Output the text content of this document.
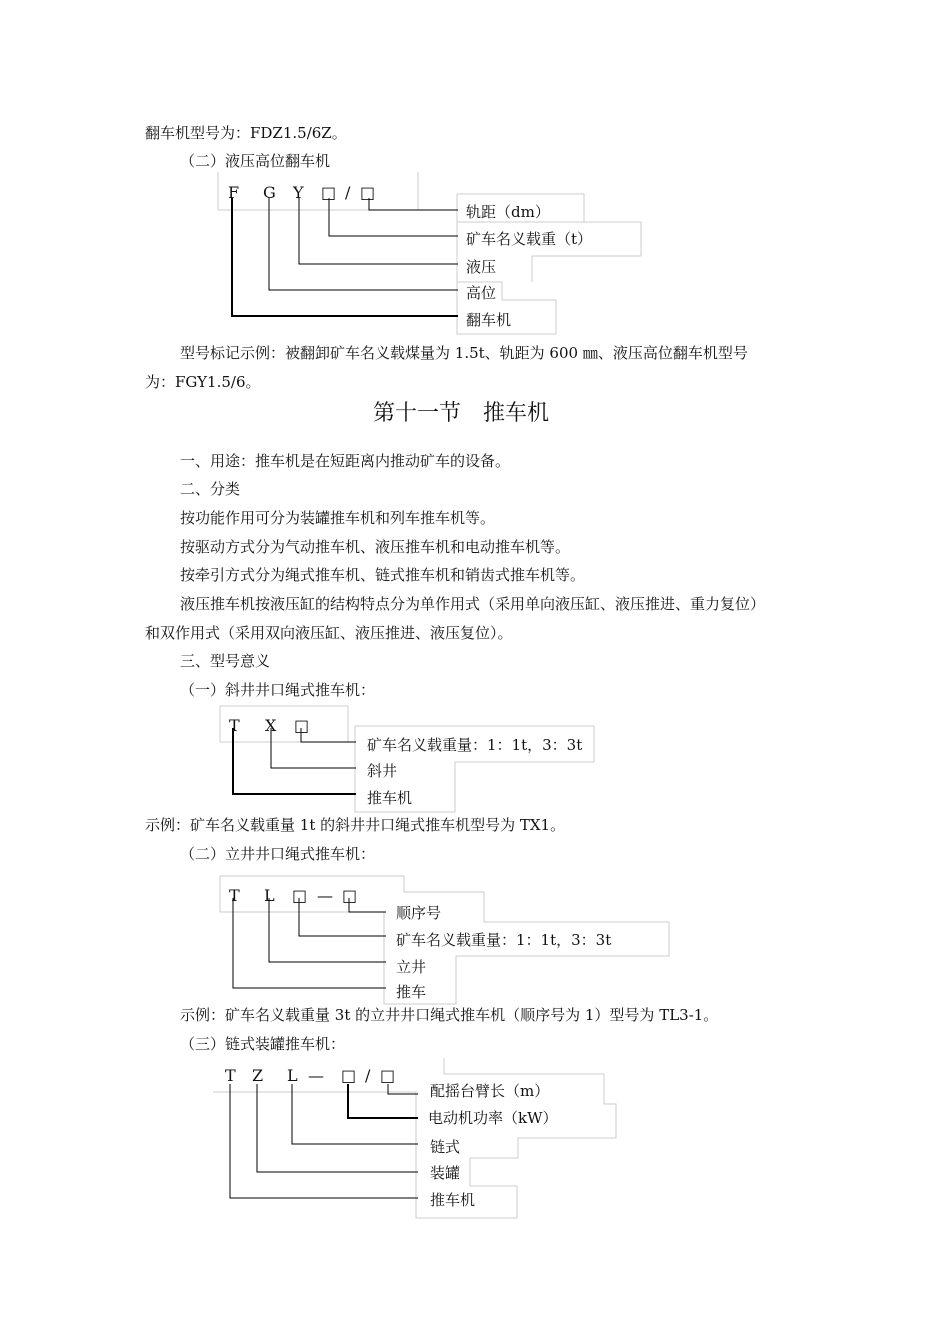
翻车机型号为：FDZ1.5/6Z。
（二）液压高位翻车机
F G Y □ / □
轨距（dm）
矿车名义载重（t）
液压
高位
翻车机
型号标记示例：被翻卸矿车名义载煤量为 1.5t、轨距为 600 ㎜、液压高位翻车机型号
为：FGY1.5/6。
第十一节　推车机
一、用途：推车机是在短距离内推动矿车的设备。
二、分类
按功能作用可分为装罐推车机和列车推车机等。
按驱动方式分为气动推车机、液压推车机和电动推车机等。
按牵引方式分为绳式推车机、链式推车机和销齿式推车机等。
液压推车机按液压缸的结构特点分为单作用式（采用单向液压缸、液压推进、重力复位）
和双作用式（采用双向液压缸、液压推进、液压复位）。
三、型号意义
（一）斜井井口绳式推车机：
T X □
矿车名义载重量：1：1t，3：3t
斜井
推车机
示例：矿车名义载重量 1t 的斜井井口绳式推车机型号为 TX1。
（二）立井井口绳式推车机：
T L □ — □
顺序号
矿车名义载重量：1：1t，3：3t
立井
推车
示例：矿车名义载重量 3t 的立井井口绳式推车机（顺序号为 1）型号为 TL3-1。
（三）链式装罐推车机：
T Z L — □ / □
配摇台臂长（m）
电动机功率（kW）
链式
装罐
推车机
